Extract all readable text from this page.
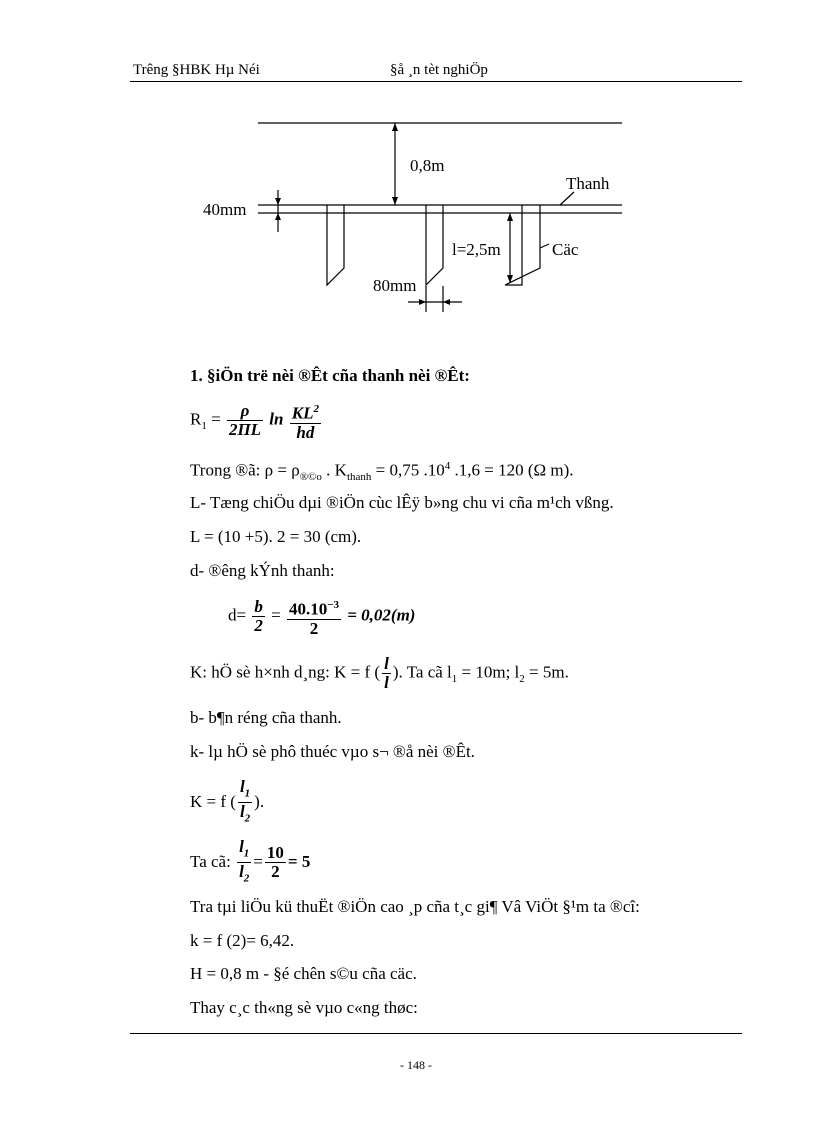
Trêng §HBK Hµ Néi	§å ¸n tèt nghiÖp
0,8m
Thanh
40mm
l=2,5m	Cäc
80mm
1. §iÖn trë nèi ®Êt cña thanh nèi ®Êt:
$R_1 = \frac{\rho}{2\Pi L}$ $\ln \frac{KL^2}{hd}$
Trong ®ã: $\rho = \rho_{®©o}$ . $K_{thanh} = 0,75$ $.10^4$ .1,6 = 120 (Ω m).
L- Tæng chiÖu dµi ®iÖn cùc lÊÿ b»ng chu vi cña m¹ch vßng.
L = (10 +5). 2 = 30 (cm).
d- ®êng kÝnh thanh:
$d= \frac{b}{2} = \frac{40.10^{-3}}{2} = 0,02(m)$
K: hÖ sè h×nh d¸ng: K = f ( $\frac{l}{l}$ ). Ta cã $l_1 = 10m$; $l_2 = 5m$.
b- b¶n réng cña thanh.
k- lµ hÖ sè phô thuéc vµo s¬ ®å nèi ®Êt.
K = f ( $\frac{l_1}{l_2}$ ).
Ta cã: $\frac{l_1}{l_2} = \frac{10}{2} = 5$
Tra tµi liÖu kü thuËt ®iÖn cao ¸p cña t¸c gi¶ Vâ ViÖt §¹m ta ®cî:
k = f (2)= 6,42.
H = 0,8 m - §é chên s©u cña cäc.
Thay c¸c th«ng sè vµo c«ng thøc:
- 148 -
